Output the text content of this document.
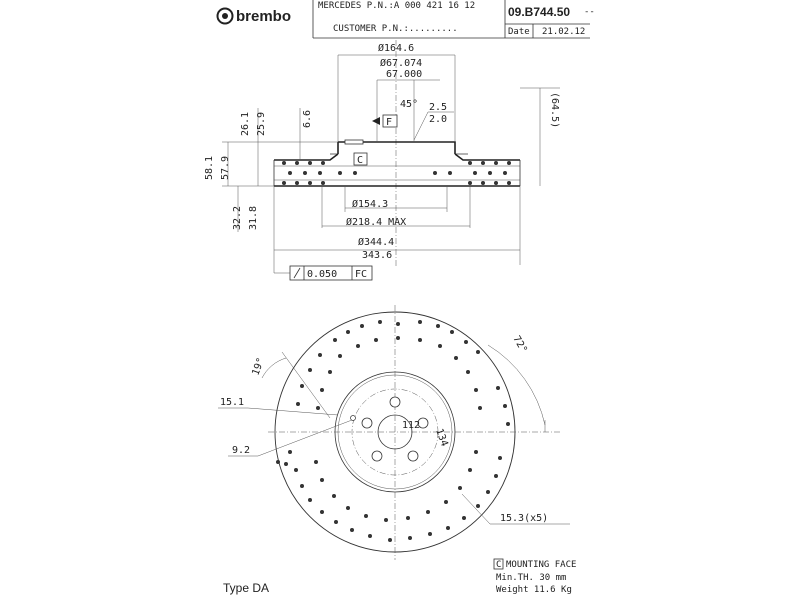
brembo
MERCEDES P.N.:A 000 421 16 12
CUSTOMER P.N.:.........
09.B744.50 --
Date 21.02.12
Ø164.6
Ø67.074
67.000
45° 2.5
2.0
F
C
(64.5)
26.1 25.9	6.6
58.1 57.9
32.2 31.8
Ø154.3
Ø218.4 MAX
Ø344.4
343.6
0.050 FC
72°
19°
15.1
9.2
112
134
15.3(x5)
C MOUNTING FACE
Min.TH. 30 mm
Weight 11.6 Kg
Type DA
